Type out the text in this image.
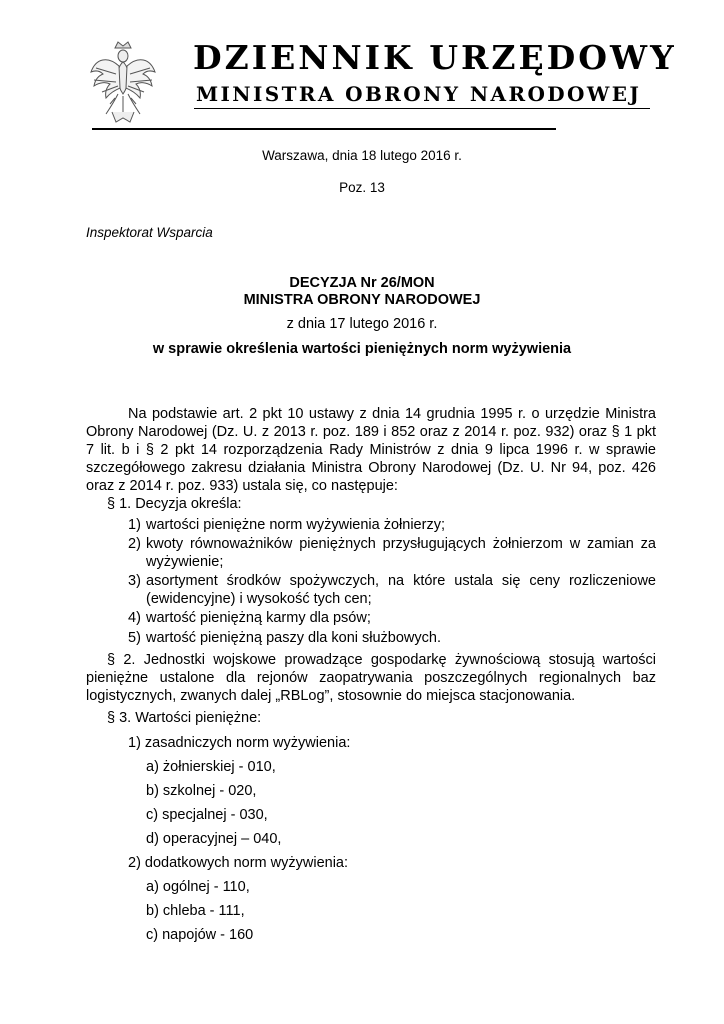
DZIENNIK URZĘDOWY
MINISTRA OBRONY NARODOWEJ
Warszawa, dnia 18 lutego 2016 r.
Poz. 13
Inspektorat Wsparcia
DECYZJA Nr 26/MON
MINISTRA OBRONY NARODOWEJ
z dnia 17 lutego 2016 r.
w sprawie określenia wartości pieniężnych norm wyżywienia
Na podstawie art. 2 pkt 10 ustawy z dnia 14 grudnia 1995 r. o urzędzie Ministra Obrony Narodowej (Dz. U. z 2013 r. poz. 189 i 852 oraz z 2014 r. poz. 932) oraz § 1 pkt 7 lit. b i § 2 pkt 14 rozporządzenia Rady Ministrów z dnia 9 lipca 1996 r. w sprawie szczegółowego zakresu działania Ministra Obrony Narodowej (Dz. U. Nr 94, poz. 426 oraz z 2014 r. poz. 933) ustala się, co następuje:
§ 1. Decyzja określa:
1) wartości pieniężne norm wyżywienia żołnierzy;
2) kwoty równoważników pieniężnych przysługujących żołnierzom w zamian za wyżywienie;
3) asortyment środków spożywczych, na które ustala się ceny rozliczeniowe (ewidencyjne) i wysokość tych cen;
4) wartość pieniężną karmy dla psów;
5) wartość pieniężną paszy dla koni służbowych.
§ 2. Jednostki wojskowe prowadzące gospodarkę żywnościową stosują wartości pieniężne ustalone dla rejonów zaopatrywania poszczególnych regionalnych baz logistycznych, zwanych dalej „RBLog”, stosownie do miejsca stacjonowania.
§ 3. Wartości pieniężne:
1) zasadniczych norm wyżywienia:
a) żołnierskiej - 010,
b) szkolnej - 020,
c) specjalnej - 030,
d) operacyjnej – 040,
2) dodatkowych norm wyżywienia:
a) ogólnej - 110,
b) chleba - 111,
c) napojów - 160
